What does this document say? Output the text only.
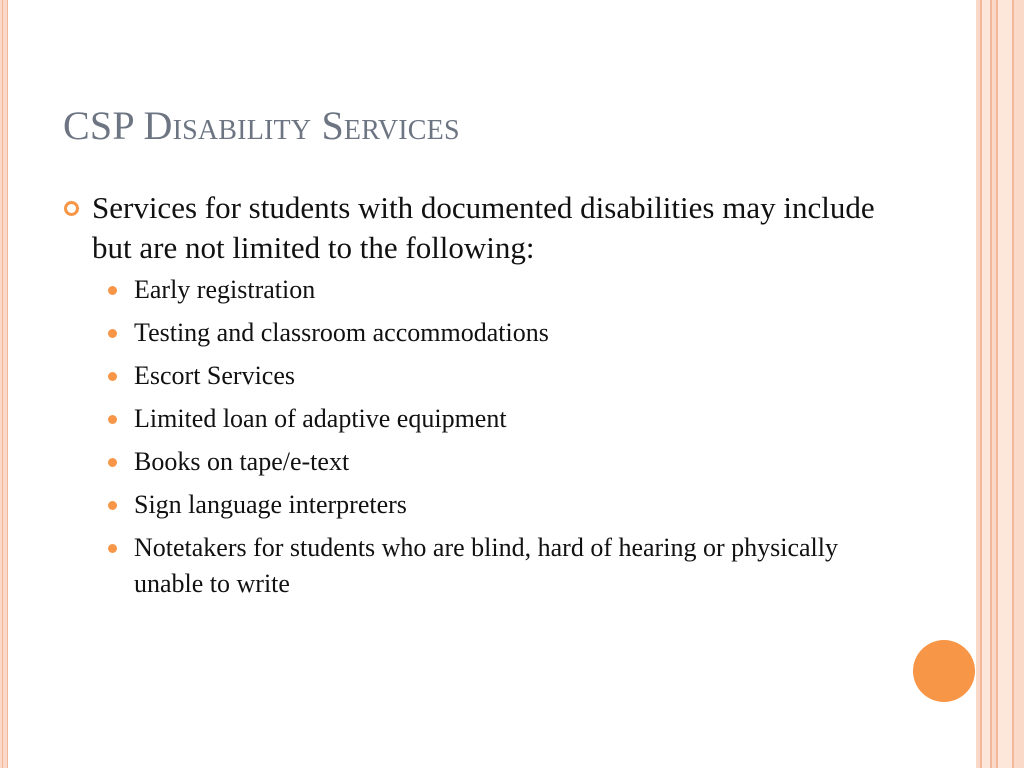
CSP Disability Services
Services for students with documented disabilities may include but are not limited to the following:
Early registration
Testing and classroom accommodations
Escort Services
Limited loan of adaptive equipment
Books on tape/e-text
Sign language interpreters
Notetakers for students who are blind, hard of hearing or physically unable to write
